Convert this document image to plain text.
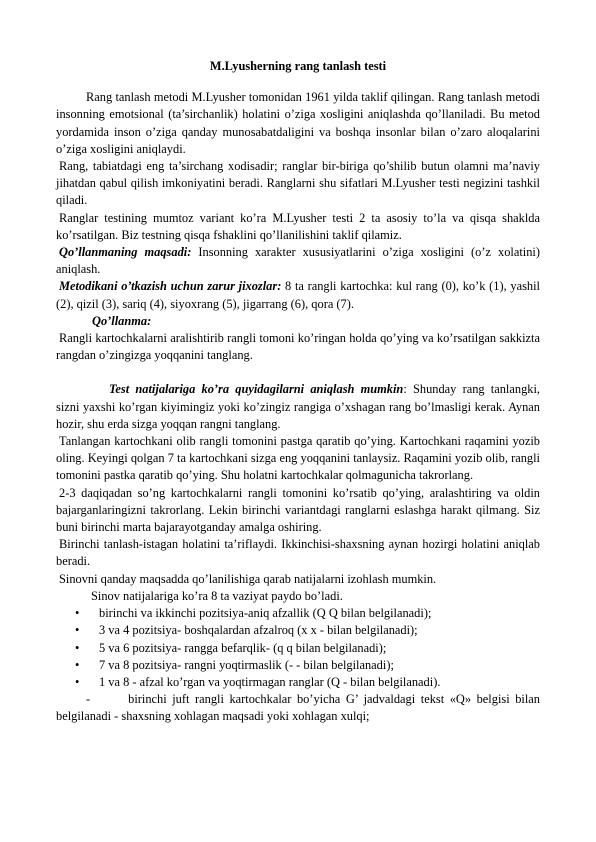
M.Lyusherning rang tanlash testi

Rang tanlash metodi M.Lyusher tomonidan 1961 yilda taklif qilingan. Rang tanlash metodi insonning emotsional (ta’sirchanlik) holatini o’ziga xosligini aniqlashda qo’llaniladi. Bu metod yordamida inson o’ziga qanday munosabatdaligini va boshqa insonlar bilan o’zaro aloqalarini o’ziga xosligini aniqlaydi.

Rang, tabiatdagi eng ta’sirchang xodisadir; ranglar bir-biriga qo’shilib butun olamni ma’naviy jihatdan qabul qilish imkoniyatini beradi. Ranglarni shu sifatlari M.Lyusher testi negizini tashkil qiladi.

Ranglar testining mumtoz variant ko’ra M.Lyusher testi 2 ta asosiy to’la va qisqa shaklda ko’rsatilgan. Biz testning qisqa fshaklini qo’llanilishini taklif qilamiz.

Qo’llanmaning maqsadi: Insonning xarakter xususiyatlarini o’ziga xosligini (o’z xolatini) aniqlash.

Metodikani o’tkazish uchun zarur jixozlar: 8 ta rangli kartochka: kul rang (0), ko’k (1), yashil (2), qizil (3), sariq (4), siyoxrang (5), jigarrang (6), qora (7).

Qo’llanma:

Rangli kartochkalarni aralishtirib rangli tomoni ko’ringan holda qo’ying va ko’rsatilgan sakkizta rangdan o’zingizga yoqqanini tanglang.

Test natijalariga ko’ra quyidagilarni aniqlash mumkin: Shunday rang tanlangki, sizni yaxshi ko’rgan kiyimingiz yoki ko’zingiz rangiga o’xshagan rang bo’lmasligi kerak. Aynan hozir, shu erda sizga yoqqan rangni tanglang.

Tanlangan kartochkani olib rangli tomonini pastga qaratib qo’ying. Kartochkani raqamini yozib oling. Keyingi qolgan 7 ta kartochkani sizga eng yoqqanini tanlaysiz. Raqamini yozib olib, rangli tomonini pastka qaratib qo’ying. Shu holatni kartochkalar qolmagunicha takrorlang.

2-3 daqiqadan so’ng kartochkalarni rangli tomonini ko’rsatib qo’ying, aralashtiring va oldin bajarganlaringizni takrorlang. Lekin birinchi variantdagi ranglarni eslashga harakt qilmang. Siz buni birinchi marta bajarayotganday amalga oshiring.

Birinchi tanlash-istagan holatini ta’riflaydi. Ikkinchisi-shaxsning aynan hozirgi holatini aniqlab beradi.

Sinovni qanday maqsadda qo’lanilishiga qarab natijalarni izohlash mumkin.

Sinov natijalariga ko’ra 8 ta vaziyat paydo bo’ladi.

• birinchi va ikkinchi pozitsiya-aniq afzallik (Q Q bilan belgilanadi);
• 3 va 4 pozitsiya- boshqalardan afzalroq (x x - bilan belgilanadi);
• 5 va 6 pozitsiya- rangga befarqlik- (q q bilan belgilanadi);
• 7 va 8 pozitsiya- rangni yoqtirmaslik (- - bilan belgilanadi);
• 1 va 8 - afzal ko’rgan va yoqtirmagan ranglar (Q - bilan belgilanadi).

-	birinchi juft rangli kartochkalar bo’yicha G’ jadvaldagi tekst «Q» belgisi bilan belgilanadi - shaxsning xohlagan maqsadi yoki xohlagan xulqi;
